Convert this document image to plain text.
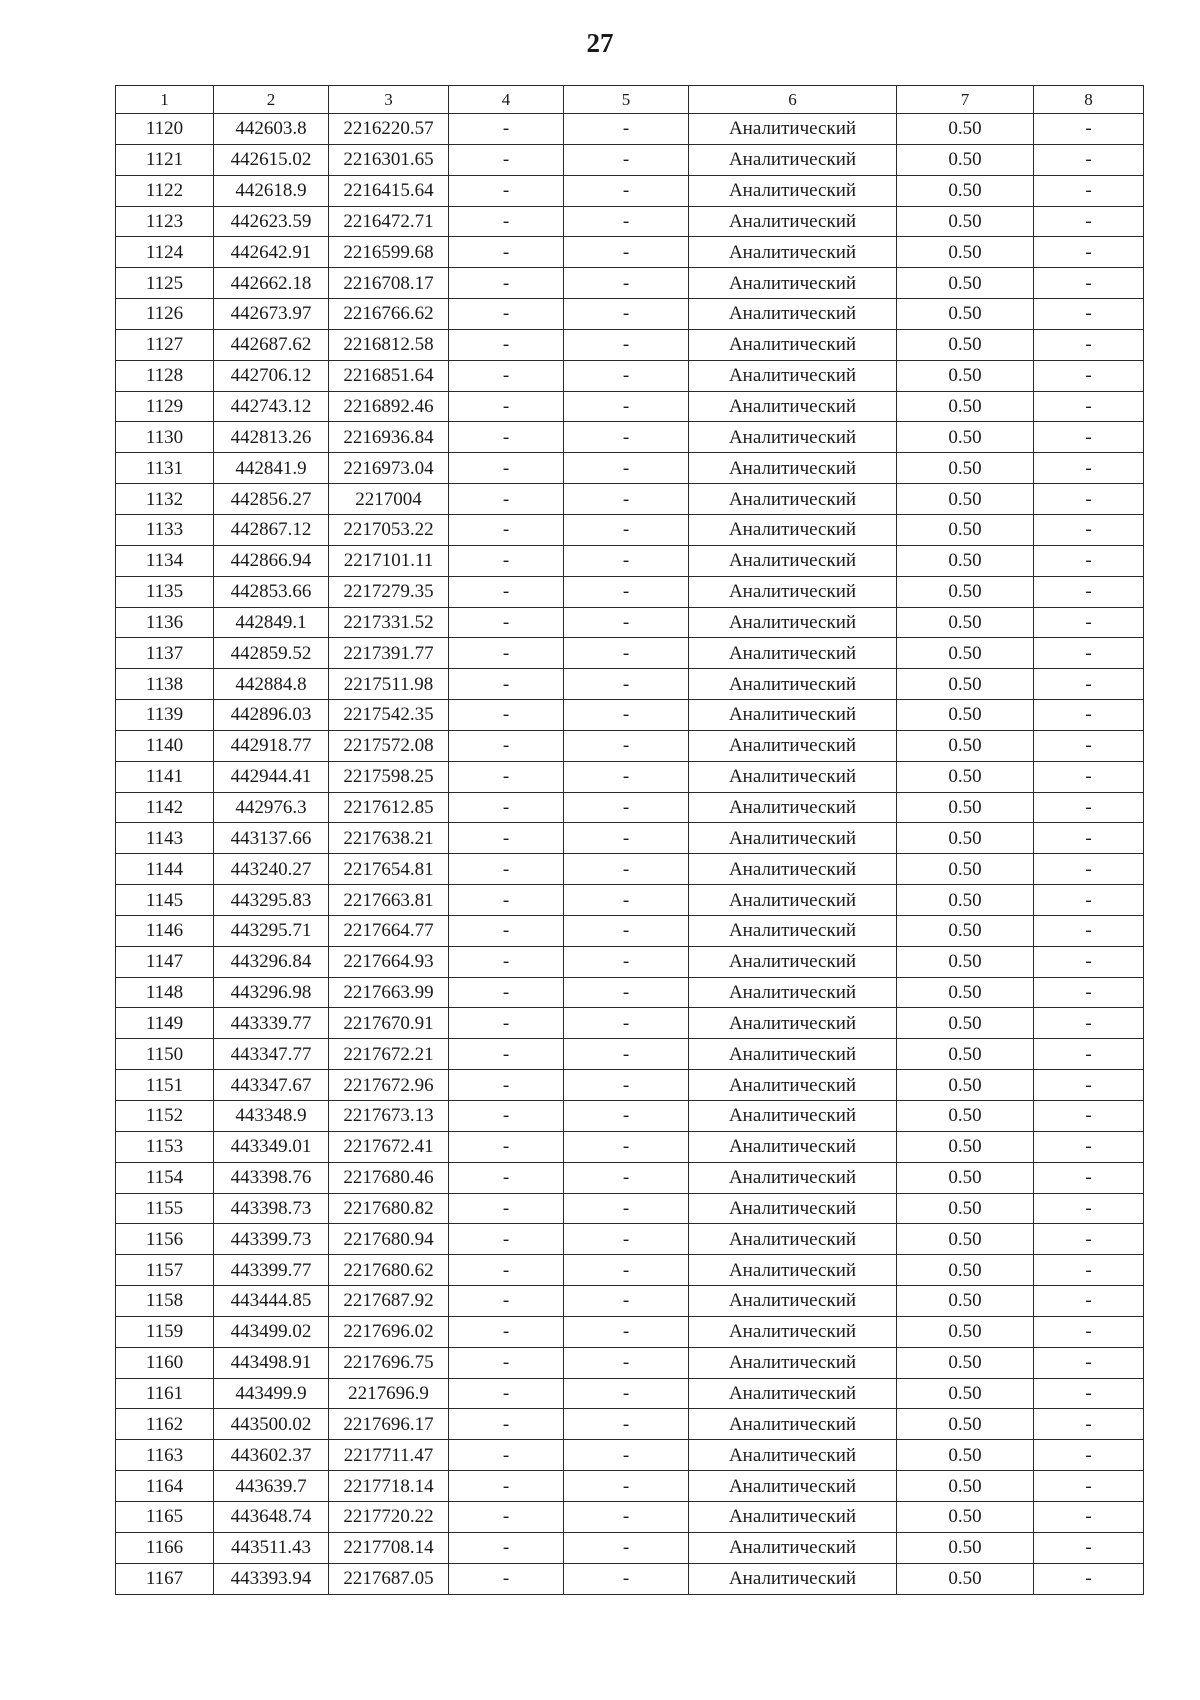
27
1	2	3	4	5	6	7	8
1120	442603.8	2216220.57	-	-	Аналитический	0.50	-
1121	442615.02	2216301.65	-	-	Аналитический	0.50	-
1122	442618.9	2216415.64	-	-	Аналитический	0.50	-
1123	442623.59	2216472.71	-	-	Аналитический	0.50	-
1124	442642.91	2216599.68	-	-	Аналитический	0.50	-
1125	442662.18	2216708.17	-	-	Аналитический	0.50	-
1126	442673.97	2216766.62	-	-	Аналитический	0.50	-
1127	442687.62	2216812.58	-	-	Аналитический	0.50	-
1128	442706.12	2216851.64	-	-	Аналитический	0.50	-
1129	442743.12	2216892.46	-	-	Аналитический	0.50	-
1130	442813.26	2216936.84	-	-	Аналитический	0.50	-
1131	442841.9	2216973.04	-	-	Аналитический	0.50	-
1132	442856.27	2217004	-	-	Аналитический	0.50	-
1133	442867.12	2217053.22	-	-	Аналитический	0.50	-
1134	442866.94	2217101.11	-	-	Аналитический	0.50	-
1135	442853.66	2217279.35	-	-	Аналитический	0.50	-
1136	442849.1	2217331.52	-	-	Аналитический	0.50	-
1137	442859.52	2217391.77	-	-	Аналитический	0.50	-
1138	442884.8	2217511.98	-	-	Аналитический	0.50	-
1139	442896.03	2217542.35	-	-	Аналитический	0.50	-
1140	442918.77	2217572.08	-	-	Аналитический	0.50	-
1141	442944.41	2217598.25	-	-	Аналитический	0.50	-
1142	442976.3	2217612.85	-	-	Аналитический	0.50	-
1143	443137.66	2217638.21	-	-	Аналитический	0.50	-
1144	443240.27	2217654.81	-	-	Аналитический	0.50	-
1145	443295.83	2217663.81	-	-	Аналитический	0.50	-
1146	443295.71	2217664.77	-	-	Аналитический	0.50	-
1147	443296.84	2217664.93	-	-	Аналитический	0.50	-
1148	443296.98	2217663.99	-	-	Аналитический	0.50	-
1149	443339.77	2217670.91	-	-	Аналитический	0.50	-
1150	443347.77	2217672.21	-	-	Аналитический	0.50	-
1151	443347.67	2217672.96	-	-	Аналитический	0.50	-
1152	443348.9	2217673.13	-	-	Аналитический	0.50	-
1153	443349.01	2217672.41	-	-	Аналитический	0.50	-
1154	443398.76	2217680.46	-	-	Аналитический	0.50	-
1155	443398.73	2217680.82	-	-	Аналитический	0.50	-
1156	443399.73	2217680.94	-	-	Аналитический	0.50	-
1157	443399.77	2217680.62	-	-	Аналитический	0.50	-
1158	443444.85	2217687.92	-	-	Аналитический	0.50	-
1159	443499.02	2217696.02	-	-	Аналитический	0.50	-
1160	443498.91	2217696.75	-	-	Аналитический	0.50	-
1161	443499.9	2217696.9	-	-	Аналитический	0.50	-
1162	443500.02	2217696.17	-	-	Аналитический	0.50	-
1163	443602.37	2217711.47	-	-	Аналитический	0.50	-
1164	443639.7	2217718.14	-	-	Аналитический	0.50	-
1165	443648.74	2217720.22	-	-	Аналитический	0.50	-
1166	443511.43	2217708.14	-	-	Аналитический	0.50	-
1167	443393.94	2217687.05	-	-	Аналитический	0.50	-
